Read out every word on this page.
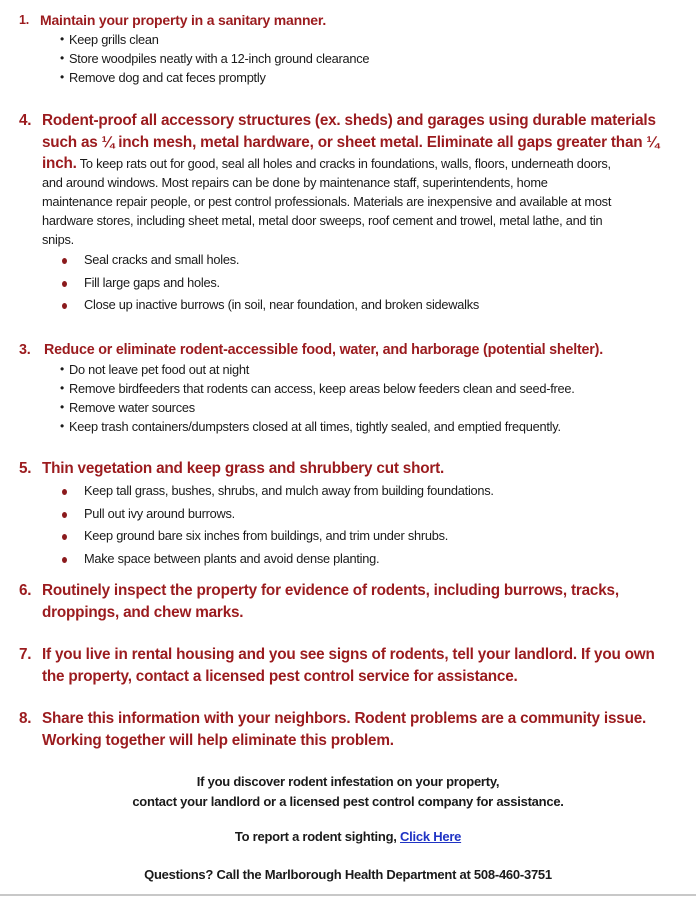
1. Maintain your property in a sanitary manner.
• Keep grills clean
• Store woodpiles neatly with a 12-inch ground clearance
• Remove dog and cat feces promptly
4. Rodent-proof all accessory structures (ex. sheds) and garages using durable materials
such as ¼ inch mesh, metal hardware, or sheet metal. Eliminate all gaps greater than ¼
inch. To keep rats out for good, seal all holes and cracks in foundations, walls, floors, underneath doors,
and around windows. Most repairs can be done by maintenance staff, superintendents, home
maintenance repair people, or pest control professionals. Materials are inexpensive and available at most
hardware stores, including sheet metal, metal door sweeps, roof cement and trowel, metal lathe, and tin
snips.
Seal cracks and small holes.
Fill large gaps and holes.
Close up inactive burrows (in soil, near foundation, and broken sidewalks
3. Reduce or eliminate rodent-accessible food, water, and harborage (potential shelter).
• Do not leave pet food out at night
• Remove birdfeeders that rodents can access, keep areas below feeders clean and seed-free.
• Remove water sources
• Keep trash containers/dumpsters closed at all times, tightly sealed, and emptied frequently.
5. Thin vegetation and keep grass and shrubbery cut short.
Keep tall grass, bushes, shrubs, and mulch away from building foundations.
Pull out ivy around burrows.
Keep ground bare six inches from buildings, and trim under shrubs.
Make space between plants and avoid dense planting.
6. Routinely inspect the property for evidence of rodents, including burrows, tracks,
droppings, and chew marks.
7. If you live in rental housing and you see signs of rodents, tell your landlord. If you own
the property, contact a licensed pest control service for assistance.
8. Share this information with your neighbors. Rodent problems are a community issue.
Working together will help eliminate this problem.
If you discover rodent infestation on your property,
contact your landlord or a licensed pest control company for assistance.
To report a rodent sighting, Click Here
Questions? Call the Marlborough Health Department at 508-460-3751
